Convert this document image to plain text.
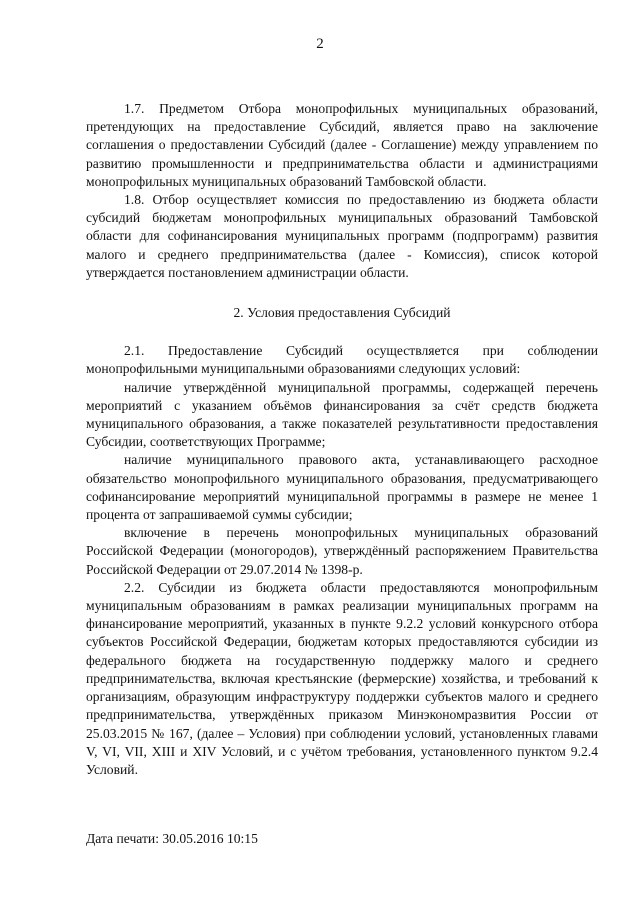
2

1.7. Предметом Отбора монопрофильных муниципальных образований, претендующих на предоставление Субсидий, является право на заключение соглашения о предоставлении Субсидий (далее - Соглашение) между управлением по развитию промышленности и предпринимательства области и администрациями монопрофильных муниципальных образований Тамбовской области.

1.8. Отбор осуществляет комиссия по предоставлению из бюджета области субсидий бюджетам монопрофильных муниципальных образований Тамбовской области для софинансирования муниципальных программ (подпрограмм) развития малого и среднего предпринимательства (далее - Комиссия), список которой утверждается постановлением администрации области.

2. Условия предоставления Субсидий

2.1. Предоставление Субсидий осуществляется при соблюдении монопрофильными муниципальными образованиями следующих условий:

наличие утверждённой муниципальной программы, содержащей перечень мероприятий с указанием объёмов финансирования за счёт средств бюджета муниципального образования, а также показателей результативности предоставления Субсидии, соответствующих Программе;

наличие муниципального правового акта, устанавливающего расходное обязательство монопрофильного муниципального образования, предусматривающего софинансирование мероприятий муниципальной программы в размере не менее 1 процента от запрашиваемой суммы субсидии;

включение в перечень монопрофильных муниципальных образований Российской Федерации (моногородов), утверждённый распоряжением Правительства Российской Федерации от 29.07.2014 № 1398-р.

2.2. Субсидии из бюджета области предоставляются монопрофильным муниципальным образованиям в рамках реализации муниципальных программ на финансирование мероприятий, указанных в пункте 9.2.2 условий конкурсного отбора субъектов Российской Федерации, бюджетам которых предоставляются субсидии из федерального бюджета на государственную поддержку малого и среднего предпринимательства, включая крестьянские (фермерские) хозяйства, и требований к организациям, образующим инфраструктуру поддержки субъектов малого и среднего предпринимательства, утверждённых приказом Минэкономразвития России от 25.03.2015 № 167, (далее – Условия) при соблюдении условий, установленных главами V, VI, VII, XIII и XIV Условий, и с учётом требования, установленного пунктом 9.2.4 Условий.

Дата печати: 30.05.2016 10:15
